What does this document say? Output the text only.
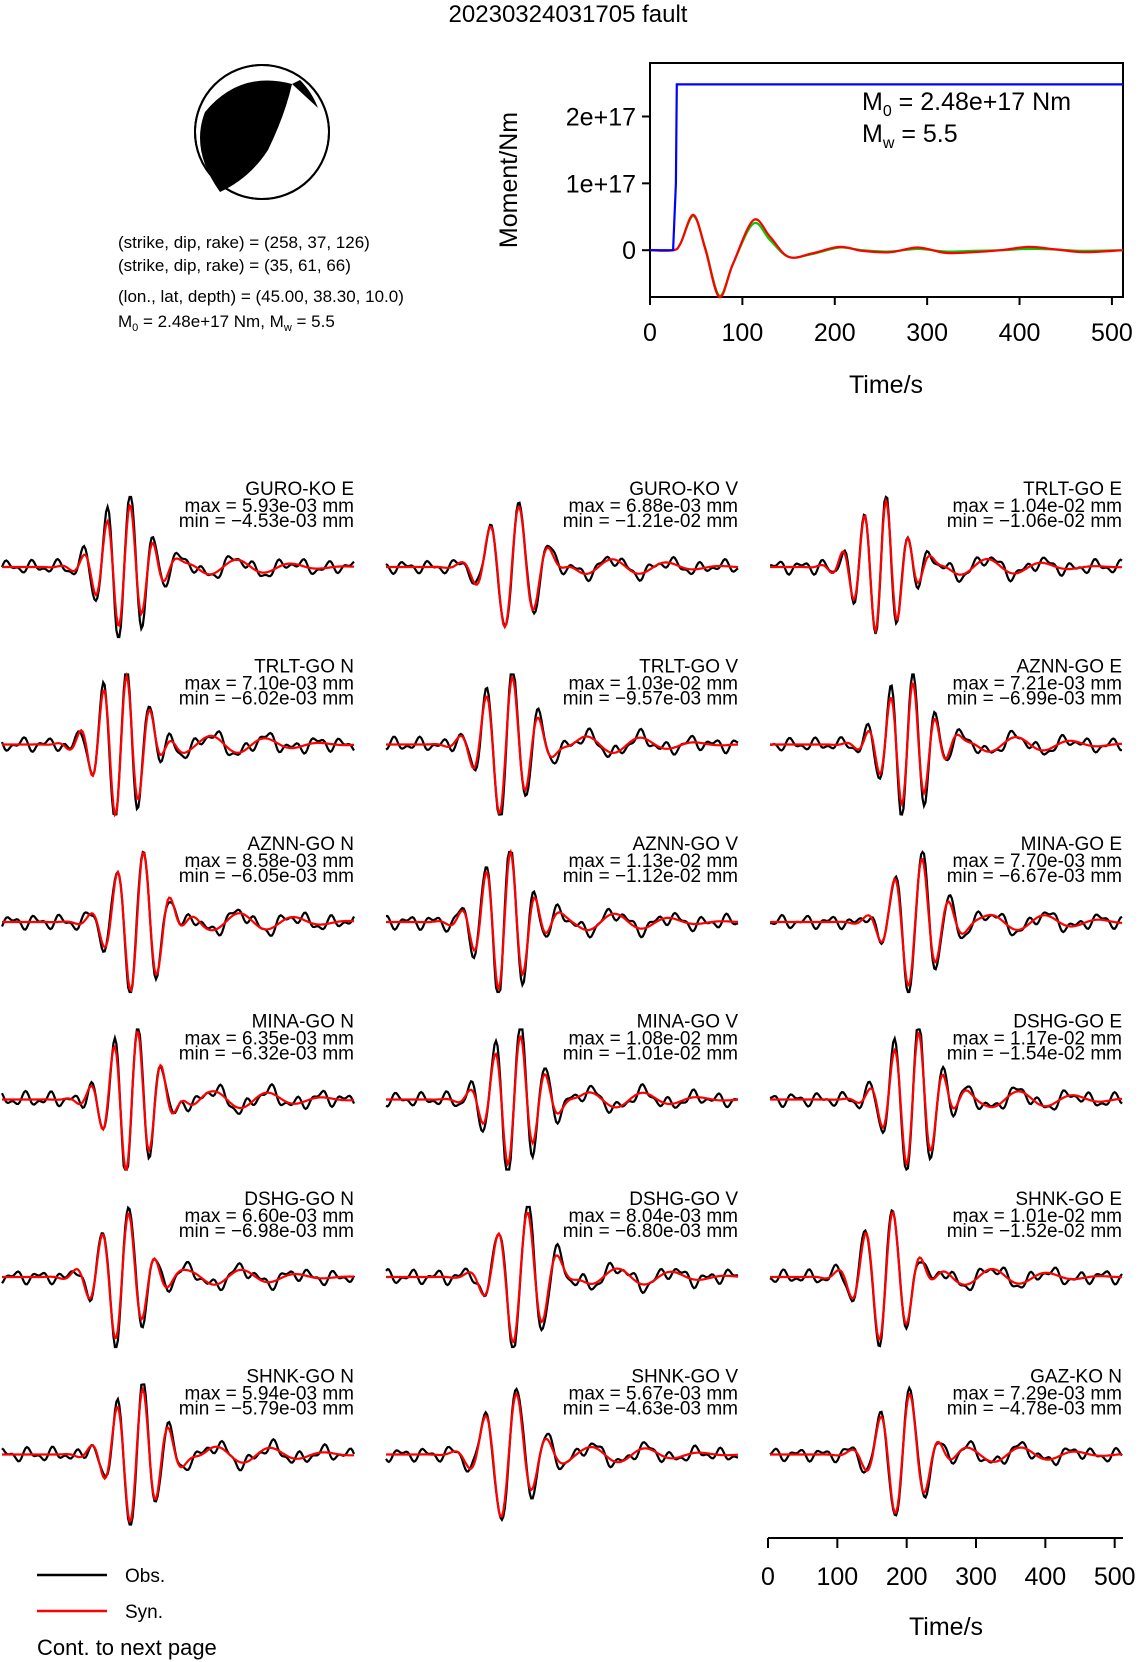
20230324031705 fault
(strike, dip, rake) = (258, 37, 126)
(strike, dip, rake) = (35, 61, 66)
(lon., lat, depth) = (45.00, 38.30, 10.0)
$M_0 = 2.48e+17$ Nm, $M_w = 5.5$
0
1e+17
2e+17
0	100 200 300 400 500
Moment/Nm
Time/s
$M_0 = 2.48e+17$ Nm
$M_w = 5.5$
GURO-KO E
max = 5.93e-03 mm
min = −4.53e-03 mm
GURO-KO V
max = 6.88e-03 mm
min = −1.21e-02 mm
TRLT-GO E
max = 1.04e-02 mm
min = −1.06e-02 mm
TRLT-GO N
max = 7.10e-03 mm
min = −6.02e-03 mm
TRLT-GO V
max = 1.03e-02 mm
min = −9.57e-03 mm
AZNN-GO E
max = 7.21e-03 mm
min = −6.99e-03 mm
AZNN-GO N
max = 8.58e-03 mm
min = −6.05e-03 mm
AZNN-GO V
max = 1.13e-02 mm
min = −1.12e-02 mm
MINA-GO E
max = 7.70e-03 mm
min = −6.67e-03 mm
MINA-GO N
max = 6.35e-03 mm
min = −6.32e-03 mm
MINA-GO V
max = 1.08e-02 mm
min = −1.01e-02 mm
DSHG-GO E
max = 1.17e-02 mm
min = −1.54e-02 mm
DSHG-GO N
max = 6.60e-03 mm
min = −6.98e-03 mm
DSHG-GO V
max = 8.04e-03 mm
min = −6.80e-03 mm
SHNK-GO E
max = 1.01e-02 mm
min = −1.52e-02 mm
SHNK-GO N
max = 5.94e-03 mm
min = −5.79e-03 mm
SHNK-GO V
max = 5.67e-03 mm
min = −4.63e-03 mm
GAZ-KO N
max = 7.29e-03 mm
min = −4.78e-03 mm
Time/s
0 100 200 300 400 500
Obs.
Syn.
Cont. to next page
